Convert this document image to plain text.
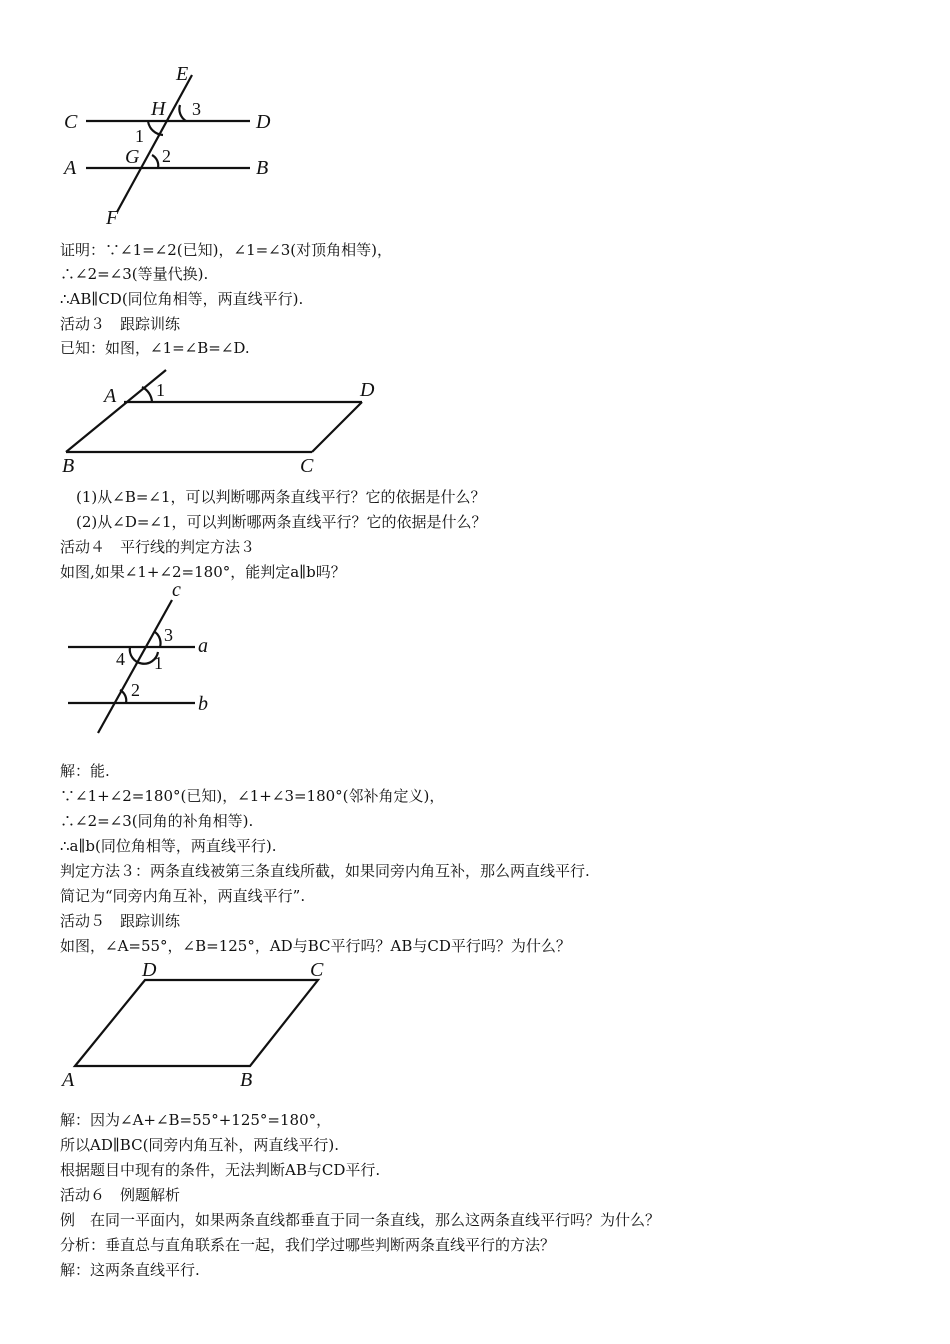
E
H 3
C	D
1
G 2
A	B
F
A 1	D
B	C
c
3 a
4 1
2
b
D	C
A	B
证明：∵∠1=∠2(已知)，∠1=∠3(对顶角相等)，
∴∠2=∠3(等量代换).
∴AB∥CD(同位角相等，两直线平行).
活动３　跟踪训练
已知：如图，∠1=∠B=∠D.
(1)从∠B=∠1，可以判断哪两条直线平行？它的依据是什么？
(2)从∠D=∠1，可以判断哪两条直线平行？它的依据是什么？
活动４　平行线的判定方法３
如图,如果∠1+∠2=180°，能判定a∥b吗？
解：能.
∵∠1+∠2=180°(已知)，∠1+∠3=180°(邻补角定义)，
∴∠2=∠3(同角的补角相等).
∴a∥b(同位角相等，两直线平行).
判定方法３：两条直线被第三条直线所截，如果同旁内角互补，那么两直线平行.
简记为“同旁内角互补，两直线平行”.
活动５　跟踪训练
如图，∠A=55°，∠B=125°，AD与BC平行吗？AB与CD平行吗？为什么？
解：因为∠A+∠B=55°+125°=180°，
所以AD∥BC(同旁内角互补，两直线平行).
根据题目中现有的条件，无法判断AB与CD平行.
活动６　例题解析
例　在同一平面内，如果两条直线都垂直于同一条直线，那么这两条直线平行吗？为什么？
分析：垂直总与直角联系在一起，我们学过哪些判断两条直线平行的方法？
解：这两条直线平行.
